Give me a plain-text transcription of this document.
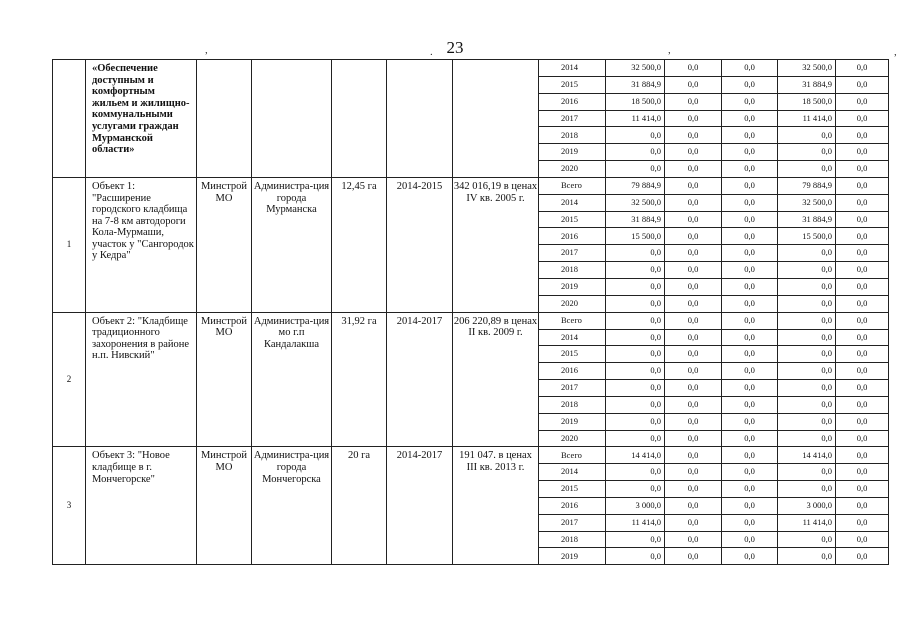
23
,	.	,	,
	«Обеспечение доступным и комфортным жильем и жилищно-коммунальными услугами граждан Мурманской области»						2014	32 500,0	0,0	0,0	32 500,0	0,0
							2015	31 884,9	0,0	0,0	31 884,9	0,0
							2016	18 500,0	0,0	0,0	18 500,0	0,0
							2017	11 414,0	0,0	0,0	11 414,0	0,0
							2018	0,0	0,0	0,0	0,0	0,0
							2019	0,0	0,0	0,0	0,0	0,0
							2020	0,0	0,0	0,0	0,0	0,0
1	Объект 1: "Расширение городского кладбища на 7-8 км автодороги Кола-Мурмаши, участок у "Сангородок у Кедра"	Минстрой МО	Администра-ция города Мурманска	12,45 га	2014-2015	342 016,19 в ценах IV кв. 2005 г.	Всего	79 884,9	0,0	0,0	79 884,9	0,0
							2014	32 500,0	0,0	0,0	32 500,0	0,0
							2015	31 884,9	0,0	0,0	31 884,9	0,0
							2016	15 500,0	0,0	0,0	15 500,0	0,0
							2017	0,0	0,0	0,0	0,0	0,0
							2018	0,0	0,0	0,0	0,0	0,0
							2019	0,0	0,0	0,0	0,0	0,0
							2020	0,0	0,0	0,0	0,0	0,0
2	Объект 2: "Кладбище традиционного захоронения в районе н.п. Нивский"	Минстрой МО	Администра-ция мо г.п Кандалакша	31,92 га	2014-2017	206 220,89 в ценах II кв. 2009 г.	Всего	0,0	0,0	0,0	0,0	0,0
							2014	0,0	0,0	0,0	0,0	0,0
							2015	0,0	0,0	0,0	0,0	0,0
							2016	0,0	0,0	0,0	0,0	0,0
							2017	0,0	0,0	0,0	0,0	0,0
							2018	0,0	0,0	0,0	0,0	0,0
							2019	0,0	0,0	0,0	0,0	0,0
							2020	0,0	0,0	0,0	0,0	0,0
3	Объект 3: "Новое кладбище в г. Мончегорске"	Минстрой МО	Администра-ция города Мончегорска	20 га	2014-2017	191 047. в ценах III кв. 2013 г.	Всего	14 414,0	0,0	0,0	14 414,0	0,0
							2014	0,0	0,0	0,0	0,0	0,0
							2015	0,0	0,0	0,0	0,0	0,0
							2016	3 000,0	0,0	0,0	3 000,0	0,0
							2017	11 414,0	0,0	0,0	11 414,0	0,0
							2018	0,0	0,0	0,0	0,0	0,0
							2019	0,0	0,0	0,0	0,0	0,0
